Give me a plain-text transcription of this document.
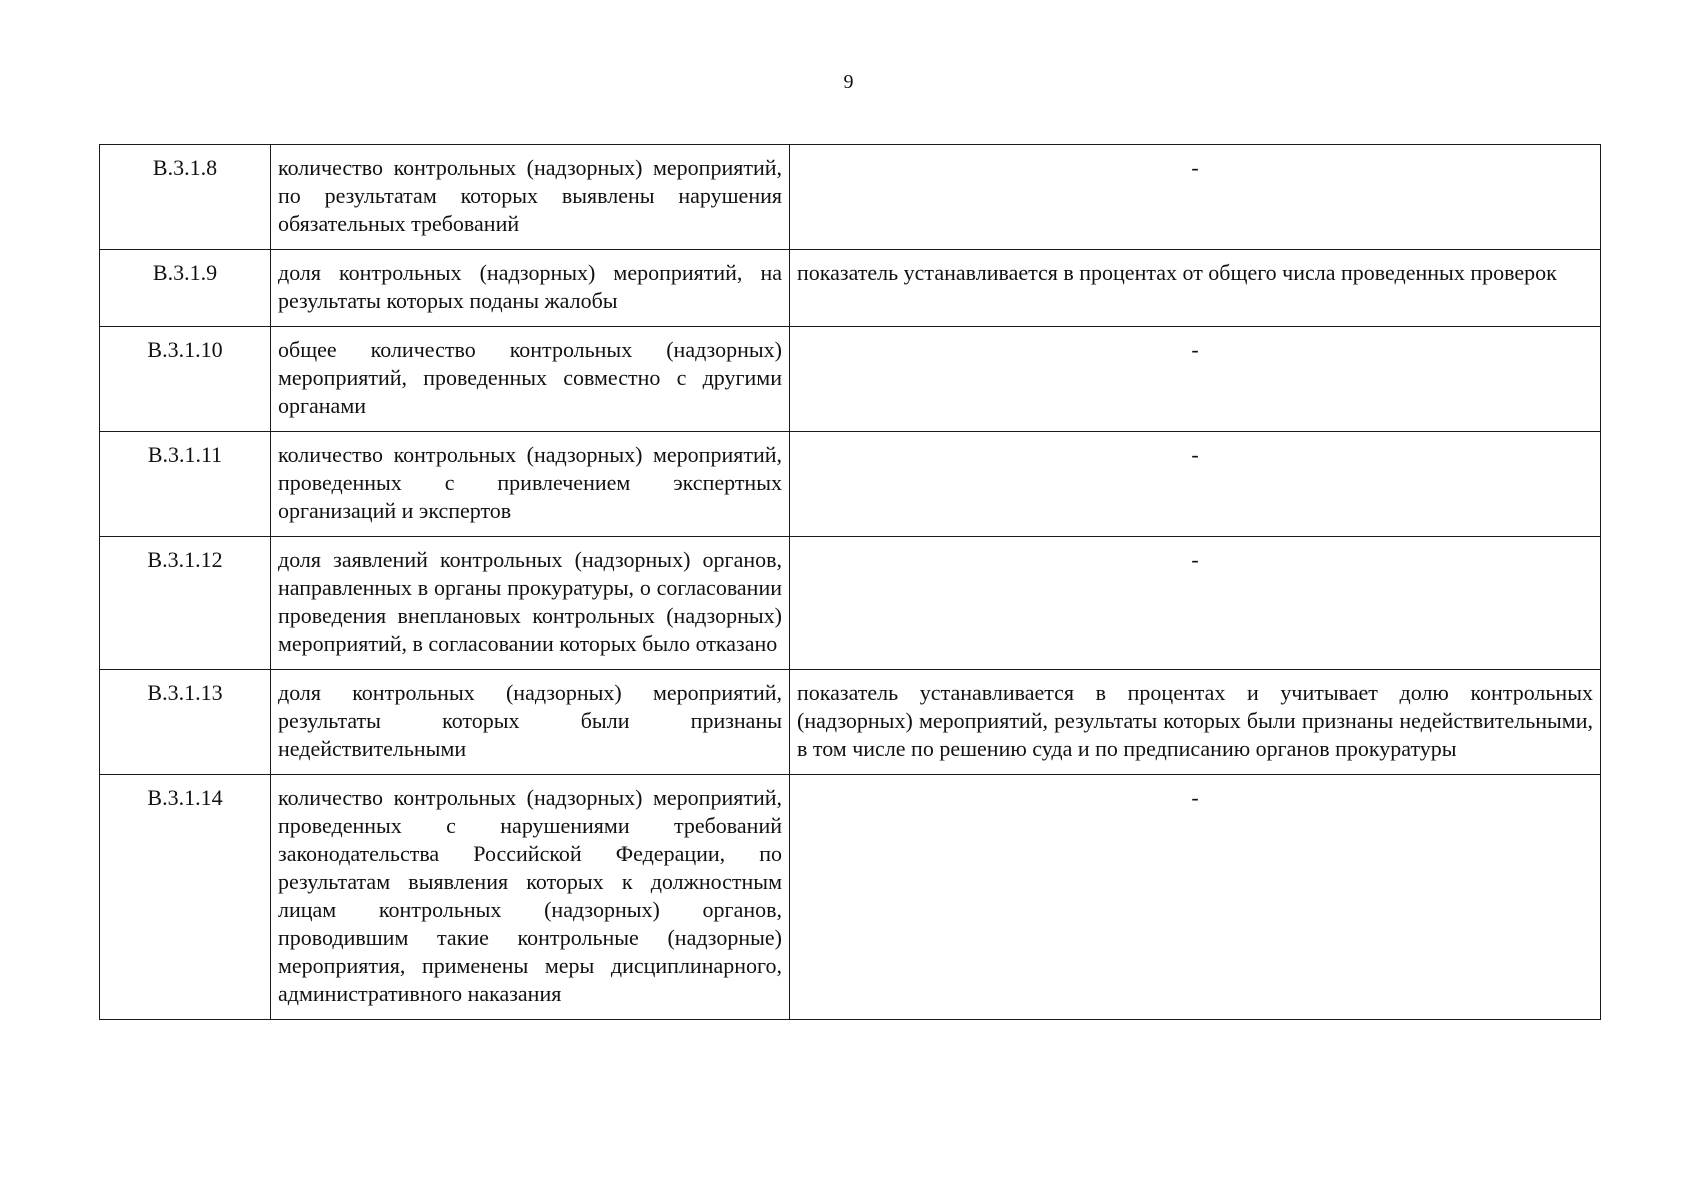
9
В.3.1.8	количество контрольных (надзорных) мероприятий, по результатам которых выявлены нарушения обязательных требований	-
В.3.1.9	доля контрольных (надзорных) мероприятий, на результаты которых поданы жалобы	показатель устанавливается в процентах от общего числа проведенных проверок
В.3.1.10	общее количество контрольных (надзорных) мероприятий, проведенных совместно с другими органами	-
В.3.1.11	количество контрольных (надзорных) мероприятий, проведенных с привлечением экспертных организаций и экспертов	-
В.3.1.12	доля заявлений контрольных (надзорных) органов, направленных в органы прокуратуры, о согласовании проведения внеплановых контрольных (надзорных) мероприятий, в согласовании которых было отказано	-
В.3.1.13	доля контрольных (надзорных) мероприятий, результаты которых были признаны недействительными	показатель устанавливается в процентах и учитывает долю контрольных (надзорных) мероприятий, результаты которых были признаны недействительными, в том числе по решению суда и по предписанию органов прокуратуры
В.3.1.14	количество контрольных (надзорных) мероприятий, проведенных с нарушениями требований законодательства Российской Федерации, по результатам выявления которых к должностным лицам контрольных (надзорных) органов, проводившим такие контрольные (надзорные) мероприятия, применены меры дисциплинарного, административного наказания	-
